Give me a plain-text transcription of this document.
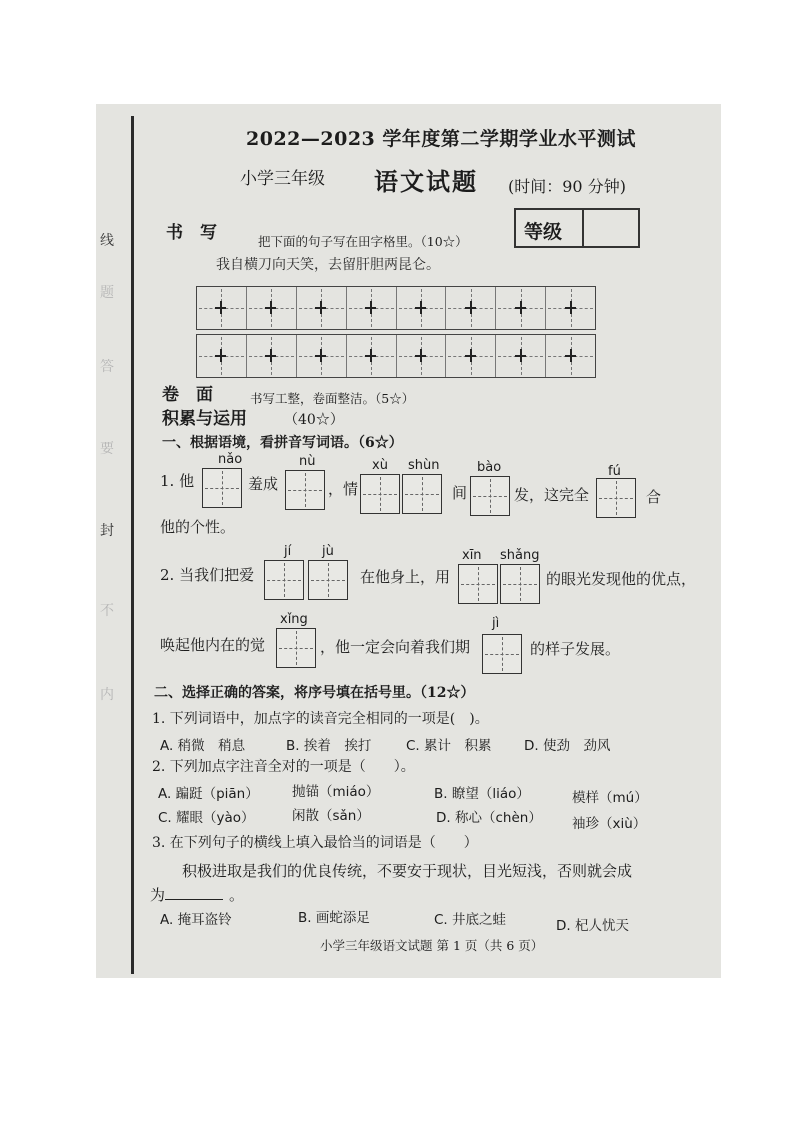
线
题
答
要
封
不
内
2022—2023 学年度第二学期学业水平测试
小学三年级 语文试题 (时间：90 分钟)
等级
书　写	把下面的句子写在田字格里。（10☆）
我自横刀向天笑，去留肝胆两昆仑。
卷　面	书写工整，卷面整洁。（5☆）
积累与运用	（40☆）
一、根据语境，看拼音写词语。（6☆）
nǎo	nù	xù shùn	bào	fú
1. 他	羞成	，情	间	发，这完全	合
他的个性。
jí jù	xīn shǎng
2. 当我们把爱	在他身上，用	的眼光发现他的优点，
xǐng	jì
唤起他内在的觉	，他一定会向着我们期	的样子发展。
二、选择正确的答案，将序号填在括号里。（12☆）
1. 下列词语中，加点字的读音完全相同的一项是(　)。
A. 稍微　稍息	B. 挨着　挨打	C. 累计　积累 D. 使劲　劲风
2. 下列加点字注音全对的一项是（　　）。
A. 蹁跹（piān） 抛锚（miáo）	B. 瞭望（liáo）	模样（mú）
C. 耀眼（yào）	闲散（sǎn）	D. 称心（chèn） 袖珍（xiù）
3. 在下列句子的横线上填入最恰当的词语是（　　）
积极进取是我们的优良传统，不要安于现状，目光短浅，否则就会成
为	。
A. 掩耳盗铃	B. 画蛇添足	C. 井底之蛙	D. 杞人忧天
小学三年级语文试题 第 1 页（共 6 页）
